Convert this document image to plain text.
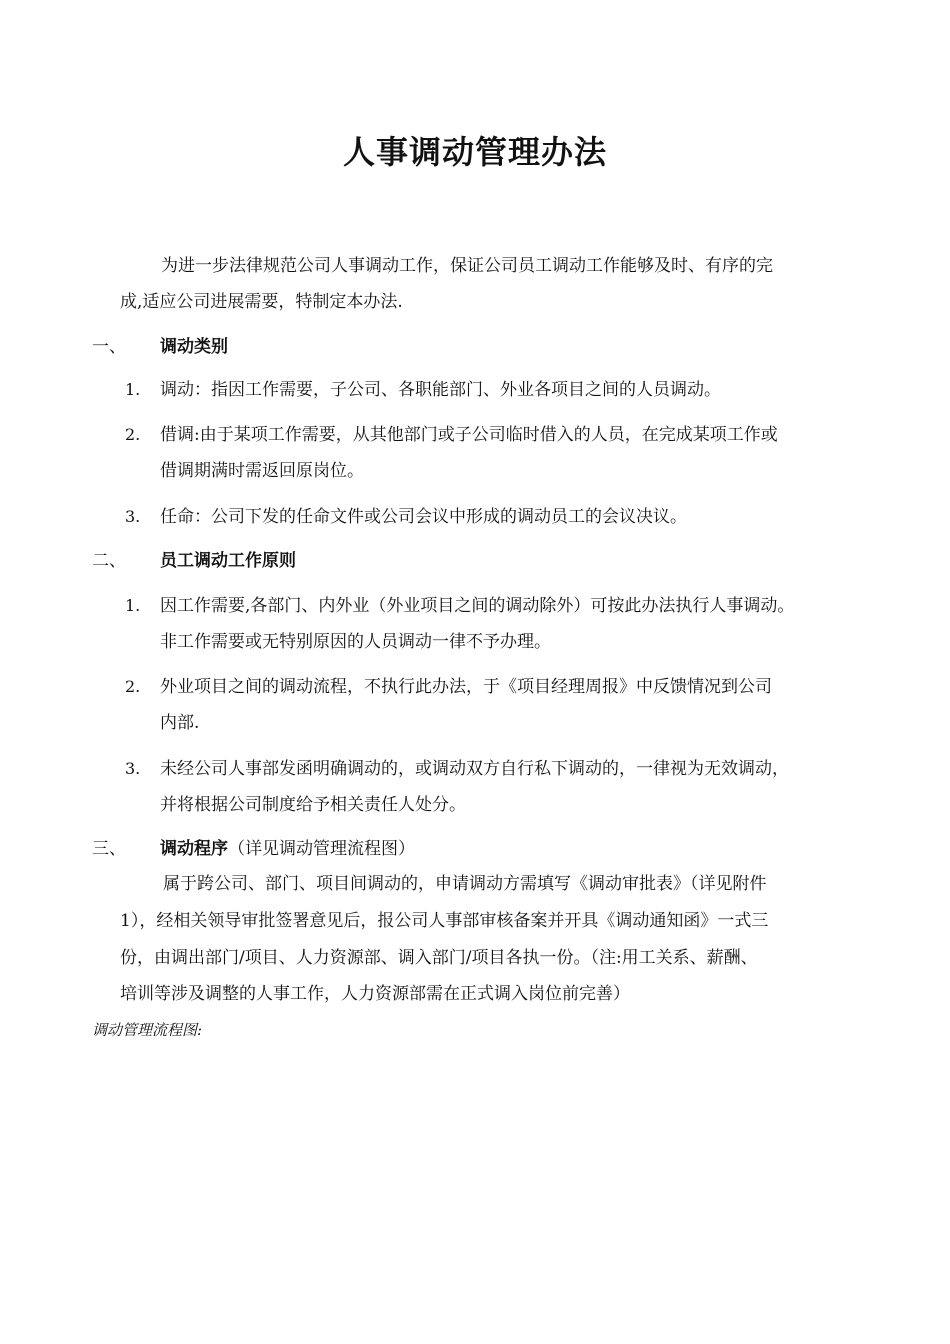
人事调动管理办法
为进一步法律规范公司人事调动工作，保证公司员工调动工作能够及时、有序的完
成,适应公司进展需要，特制定本办法.
一、 调动类别
1. 调动：指因工作需要，子公司、各职能部门、外业各项目之间的人员调动。
2. 借调:由于某项工作需要，从其他部门或子公司临时借入的人员，在完成某项工作或
借调期满时需返回原岗位。
3. 任命：公司下发的任命文件或公司会议中形成的调动员工的会议决议。
二、 员工调动工作原则
1. 因工作需要,各部门、内外业（外业项目之间的调动除外）可按此办法执行人事调动。
非工作需要或无特别原因的人员调动一律不予办理。
2. 外业项目之间的调动流程，不执行此办法，于《项目经理周报》中反馈情况到公司
内部.
3. 未经公司人事部发函明确调动的，或调动双方自行私下调动的，一律视为无效调动，
并将根据公司制度给予相关责任人处分。
三、 调动程序（详见调动管理流程图）
属于跨公司、部门、项目间调动的，申请调动方需填写《调动审批表》（详见附件
1），经相关领导审批签署意见后，报公司人事部审核备案并开具《调动通知函》一式三
份，由调出部门/项目、人力资源部、调入部门/项目各执一份。（注:用工关系、薪酬、
培训等涉及调整的人事工作，人力资源部需在正式调入岗位前完善）
调动管理流程图:
